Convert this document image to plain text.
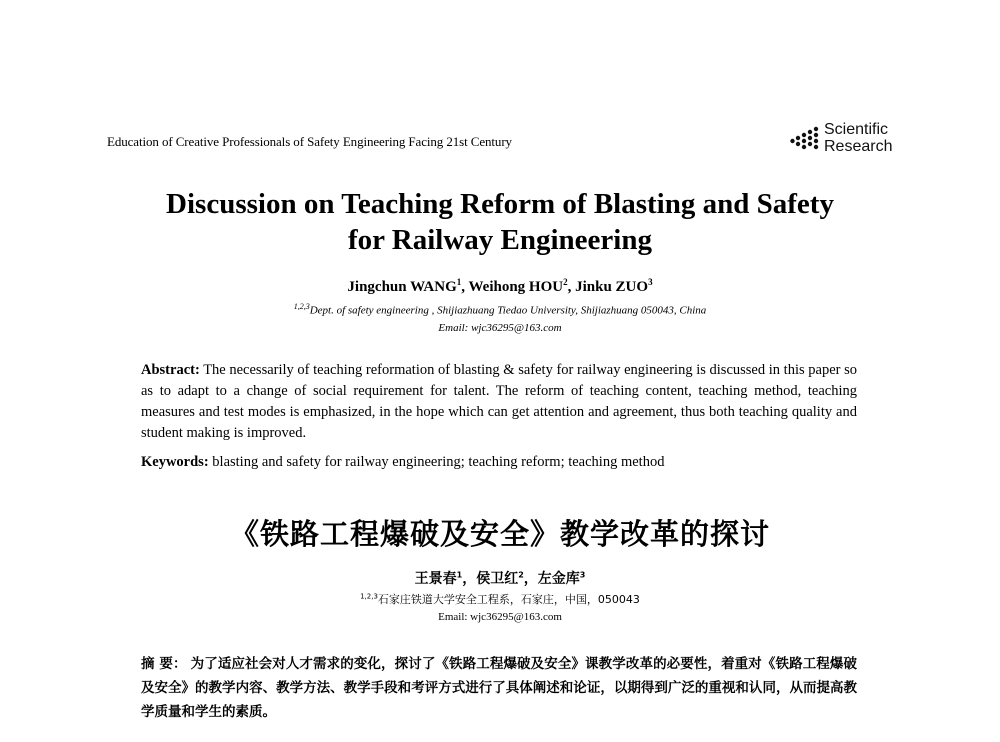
Education of Creative Professionals of Safety Engineering Facing 21st Century
Scientific
Research
Discussion on Teaching Reform of Blasting and Safety
for Railway Engineering
Jingchun WANG$^1$, Weihong HOU$^2$, Jinku ZUO$^3$
$^{1,2,3}$Dept. of safety engineering , Shijiazhuang Tiedao University, Shijiazhuang 050043, China
Email: wjc36295@163.com
Abstract: The necessarily of teaching reformation of blasting & safety for railway engineering is discussed in this paper so as to adapt to a change of social requirement for talent. The reform of teaching content, teaching method, teaching measures and test modes is emphasized, in the hope which can get attention and agreement, thus both teaching quality and student making is improved.
Keywords: blasting and safety for railway engineering; teaching reform; teaching method
《铁路工程爆破及安全》教学改革的探讨
王景春$^1$，侯卫红$^2$，左金库$^3$
$^{1,2,3}$石家庄铁道大学安全工程系，石家庄，中国，050043
Email: wjc36295@163.com
摘 要： 为了适应社会对人才需求的变化，探讨了《铁路工程爆破及安全》课教学改革的必要性，着重对《铁路工程爆破及安全》的教学内容、教学方法、教学手段和考评方式进行了具体阐述和论证，以期得到广泛的重视和认同，从而提高教学质量和学生的素质。
